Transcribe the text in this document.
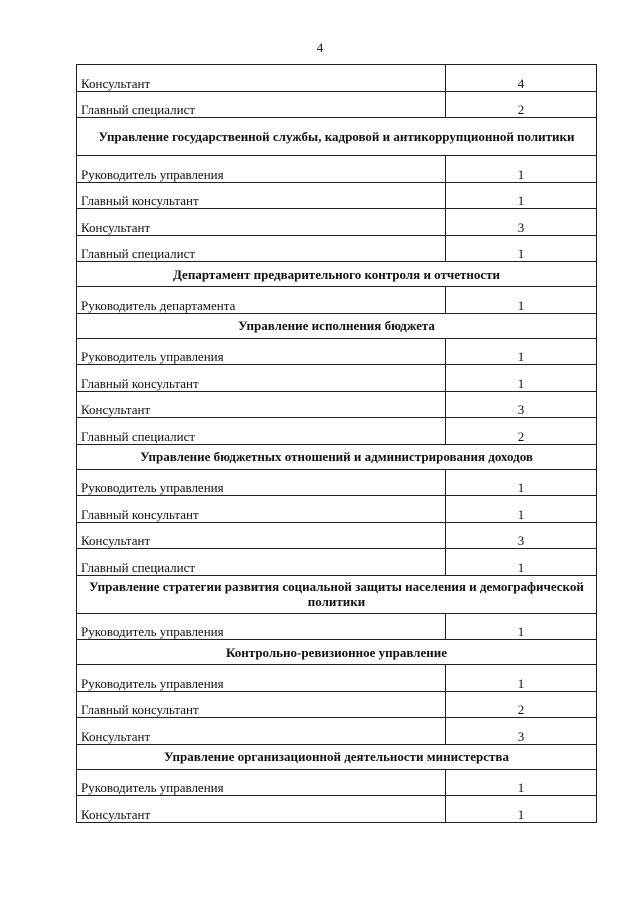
4
Консультант	4
Главный специалист	2
Управление государственной службы, кадровой и антикоррупционной политики	
Руководитель управления	1
Главный консультант	1
Консультант	3
Главный специалист	1
Департамент предварительного контроля и отчетности	
Руководитель департамента	1
Управление исполнения бюджета	
Руководитель управления	1
Главный консультант	1
Консультант	3
Главный специалист	2
Управление бюджетных отношений и администрирования доходов	
Руководитель управления	1
Главный консультант	1
Консультант	3
Главный специалист	1
Управление стратегии развития социальной защиты населения и демографической политики	
Руководитель управления	1
Контрольно-ревизионное управление	
Руководитель управления	1
Главный консультант	2
Консультант	3
Управление организационной деятельности министерства	
Руководитель управления	1
Консультант	1
